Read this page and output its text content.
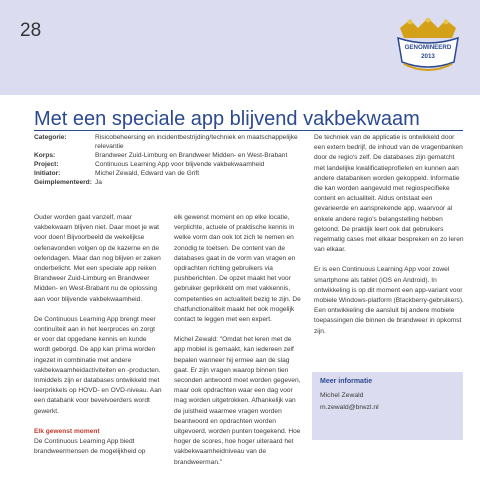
28
GENOMINEERD
2013
Met een speciale app blijvend vakbekwaam
Categorie:	Risicobeheersing en incidentbestrijding/techniek en maatschappelijke relevantie
Korps:	Brandweer Zuid-Limburg en Brandweer Midden- en West-Brabant
Project:	Continuous Learning App voor blijvende vakbekwaamheid
Initiator:	Michel Zewald, Edward van de Grift
Geimplementeerd: Ja

Ouder worden gaat vanzelf, maar vakbekwaam blijven niet. Daar moet je wat voor doen! Bijvoorbeeld de wekelijkse oefenavonden volgen op de kazerne en de oefendagen. Maar dan nog blijven er zaken onderbelicht. Met een speciale app reiken Brandweer Zuid-Limburg en Brandweer Midden- en West-Brabant nu de oplossing aan voor blijvende vakbekwaamheid.

De Continuous Learning App brengt meer continuïteit aan in het leerproces en zorgt er voor dat opgedane kennis en kunde wordt geborgd. De app kan prima worden ingezet in combinatie met andere vakbekwaamheidactiviteiten en -producten. Inmiddels zijn er databases ontwikkeld met leerprikkels op HOVD- en OVD-niveau. Aan een databank voor bevelvoerders wordt gewerkt.

Elk gewenst moment

De Continuous Learning App biedt brandweermensen de mogelijkheid op

elk gewenst moment en op elke locatie, verplichte, actuele of praktische kennis in welke vorm dan ook tot zich te nemen en zonodig te toetsen. De content van de databases gaat in de vorm van vragen en opdrachten richting gebruikers via pushberichten. De opzet maakt het voor gebruiker geprikkeld om met vakkennis, competenties en actualiteit bezig te zijn. De chatfunctionaliteit maakt het ook mogelijk contact te leggen met een expert.

Michel Zewald: "Omdat het leren met de app mobiel is gemaakt, kan iedereen zelf bepalen wanneer hij ermee aan de slag gaat. Er zijn vragen waarop binnen tien seconden antwoord moet worden gegeven, maar ook opdrachten waar een dag voor mag worden uitgetrokken. Afhankelijk van de juistheid waarmee vragen worden beantwoord en opdrachten worden uitgevoerd, worden punten toegekend. Hoe hoger de scores, hoe hoger uiteraard het vakbekwaamheidniveau van de brandweerman."

De techniek van de applicatie is ontwikkeld door een extern bedrijf, de inhoud van de vragenbanken door de regio's zelf. De databases zijn gematcht met landelijke kwalificatieprofielen en kunnen aan andere databanken worden gekoppeld. Informatie die kan worden aangevuld met regiospecifieke content en actualiteit. Aldus ontstaat een gevarieerde en aansprekende app, waarvoor al enkele andere regio's belangstelling hebben getoond. De praktijk leert ook dat gebruikers regelmatig cases met elkaar bespreken en zo leren van elkaar.

Er is een Continuous Learning App voor zowel smartphone als tablet (iOS en Android). In ontwikkeling is op dit moment een app-variant voor mobiele Windows-platform (Blackberry-gebruikers). Een ontwikkeling die aansluit bij andere mobiele toepassingen die binnen de brandweer in opkomst zijn.

Meer informatie
Michel Zewald
m.zewald@brwzl.nl
